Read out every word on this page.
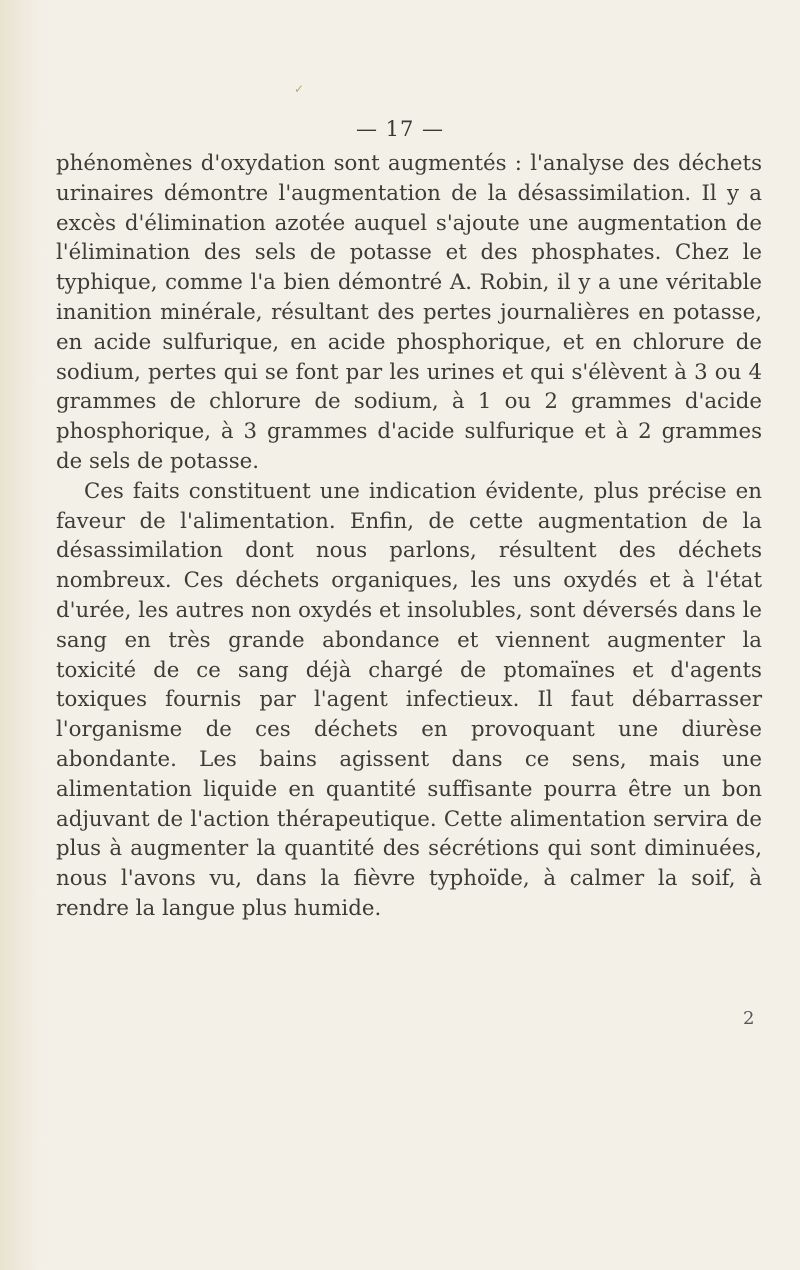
✓
— 17 —

phénomènes d'oxydation sont augmentés : l'analyse des déchets urinaires démontre l'augmentation de la désassimilation. Il y a excès d'élimination azotée auquel s'ajoute une augmentation de l'élimination des sels de potasse et des phosphates. Chez le typhique, comme l'a bien démontré A. Robin, il y a une véritable inanition minérale, résultant des pertes journalières en potasse, en acide sulfurique, en acide phosphorique, et en chlorure de sodium, pertes qui se font par les urines et qui s'élèvent à 3 ou 4 grammes de chlorure de sodium, à 1 ou 2 grammes d'acide phosphorique, à 3 grammes d'acide sulfurique et à 2 grammes de sels de potasse.

Ces faits constituent une indication évidente, plus précise en faveur de l'alimentation. Enfin, de cette augmentation de la désassimilation dont nous parlons, résultent des déchets nombreux. Ces déchets organiques, les uns oxydés et à l'état d'urée, les autres non oxydés et insolubles, sont déversés dans le sang en très grande abondance et viennent augmenter la toxicité de ce sang déjà chargé de ptomaïnes et d'agents toxiques fournis par l'agent infectieux. Il faut débarrasser l'organisme de ces déchets en provoquant une diurèse abondante. Les bains agissent dans ce sens, mais une alimentation liquide en quantité suffisante pourra être un bon adjuvant de l'action thérapeutique. Cette alimentation servira de plus à augmenter la quantité des sécrétions qui sont diminuées, nous l'avons vu, dans la fièvre typhoïde, à calmer la soif, à rendre la langue plus humide.

2
